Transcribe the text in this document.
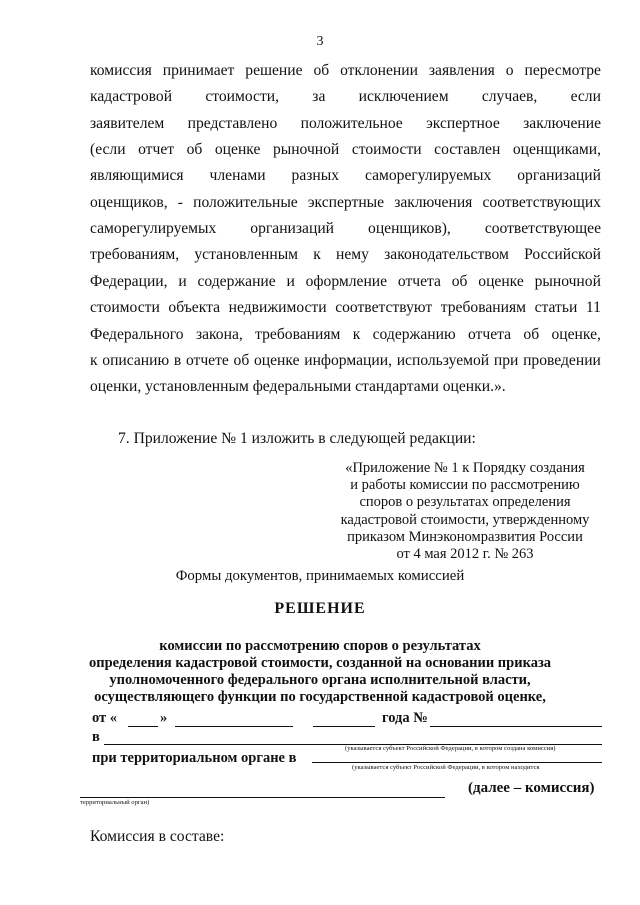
3
комиссия принимает решение об отклонении заявления о пересмотре
кадастровой стоимости, за исключением случаев, если
заявителем представлено положительное экспертное заключение
(если отчет об оценке рыночной стоимости составлен оценщиками,
являющимися членами разных саморегулируемых организаций
оценщиков, - положительные экспертные заключения соответствующих
саморегулируемых организаций оценщиков), соответствующее
требованиям, установленным к нему законодательством Российской
Федерации, и содержание и оформление отчета об оценке рыночной
стоимости объекта недвижимости соответствуют требованиям статьи 11
Федерального закона, требованиям к содержанию отчета об оценке,
к описанию в отчете об оценке информации, используемой при проведении
оценки, установленным федеральными стандартами оценки.».
7. Приложение № 1 изложить в следующей редакции:
«Приложение № 1 к Порядку создания
и работы комиссии по рассмотрению
споров о результатах определения
кадастровой стоимости, утвержденному
приказом Минэкономразвития России
от 4 мая 2012 г. № 263
Формы документов, принимаемых комиссией
РЕШЕНИЕ
комиссии по рассмотрению споров о результатах
определения кадастровой стоимости, созданной на основании приказа
уполномоченного федерального органа исполнительной власти,
осуществляющего функции по государственной кадастровой оценке,
от «	»	года №
в
(указывается субъект Российской Федерации, в котором создана комиссия)
при территориальном органе в
(указывается субъект Российской Федерации, в котором находится
территориальный орган)
(далее – комиссия)
Комиссия в составе:
